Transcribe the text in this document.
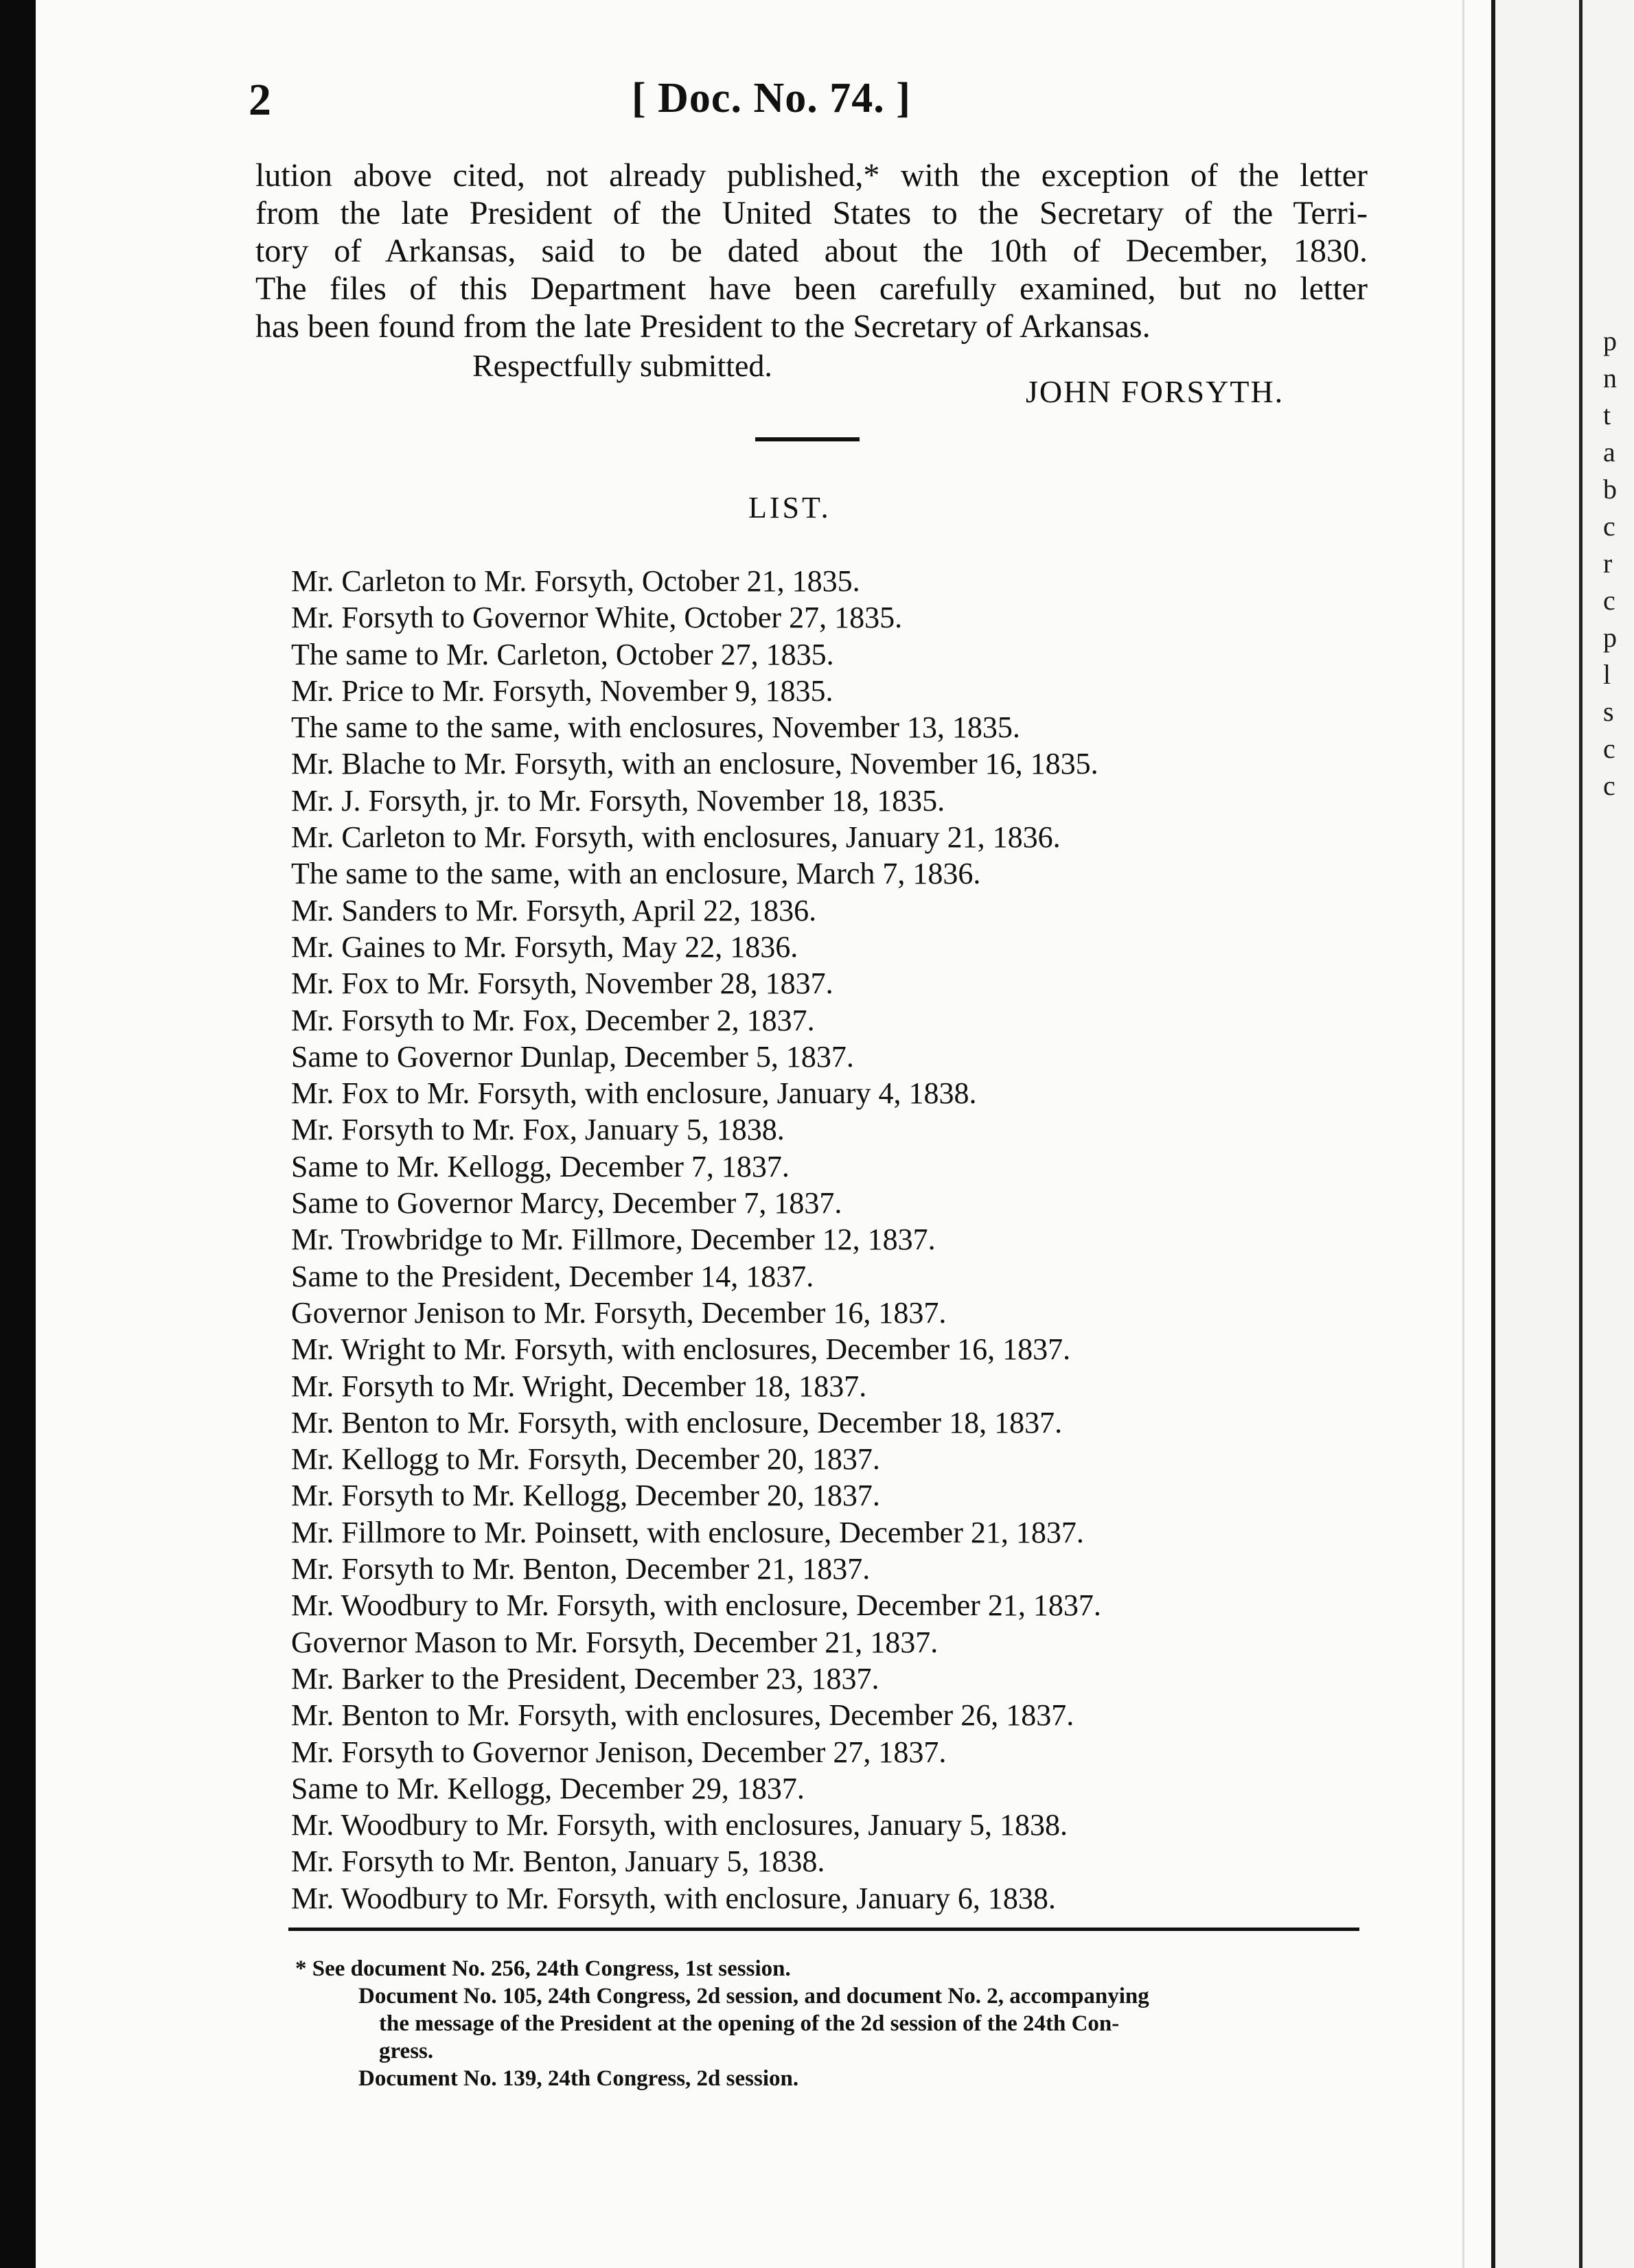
p
n
t
a
b
c
r
c
p
l
s
c
c
2	[ Doc. No. 74. ]
lution above cited, not already published,* with the exception of the letter
from the late President of the United States to the Secretary of the Terri-
tory of Arkansas, said to be dated about the 10th of December, 1830.
The files of this Department have been carefully examined, but no letter
has been found from the late President to the Secretary of Arkansas.
Respectfully submitted.
JOHN FORSYTH.
LIST.
Mr. Carleton to Mr. Forsyth, October 21, 1835.
Mr. Forsyth to Governor White, October 27, 1835.
The same to Mr. Carleton, October 27, 1835.
Mr. Price to Mr. Forsyth, November 9, 1835.
The same to the same, with enclosures, November 13, 1835.
Mr. Blache to Mr. Forsyth, with an enclosure, November 16, 1835.
Mr. J. Forsyth, jr. to Mr. Forsyth, November 18, 1835.
Mr. Carleton to Mr. Forsyth, with enclosures, January 21, 1836.
The same to the same, with an enclosure, March 7, 1836.
Mr. Sanders to Mr. Forsyth, April 22, 1836.
Mr. Gaines to Mr. Forsyth, May 22, 1836.
Mr. Fox to Mr. Forsyth, November 28, 1837.
Mr. Forsyth to Mr. Fox, December 2, 1837.
Same to Governor Dunlap, December 5, 1837.
Mr. Fox to Mr. Forsyth, with enclosure, January 4, 1838.
Mr. Forsyth to Mr. Fox, January 5, 1838.
Same to Mr. Kellogg, December 7, 1837.
Same to Governor Marcy, December 7, 1837.
Mr. Trowbridge to Mr. Fillmore, December 12, 1837.
Same to the President, December 14, 1837.
Governor Jenison to Mr. Forsyth, December 16, 1837.
Mr. Wright to Mr. Forsyth, with enclosures, December 16, 1837.
Mr. Forsyth to Mr. Wright, December 18, 1837.
Mr. Benton to Mr. Forsyth, with enclosure, December 18, 1837.
Mr. Kellogg to Mr. Forsyth, December 20, 1837.
Mr. Forsyth to Mr. Kellogg, December 20, 1837.
Mr. Fillmore to Mr. Poinsett, with enclosure, December 21, 1837.
Mr. Forsyth to Mr. Benton, December 21, 1837.
Mr. Woodbury to Mr. Forsyth, with enclosure, December 21, 1837.
Governor Mason to Mr. Forsyth, December 21, 1837.
Mr. Barker to the President, December 23, 1837.
Mr. Benton to Mr. Forsyth, with enclosures, December 26, 1837.
Mr. Forsyth to Governor Jenison, December 27, 1837.
Same to Mr. Kellogg, December 29, 1837.
Mr. Woodbury to Mr. Forsyth, with enclosures, January 5, 1838.
Mr. Forsyth to Mr. Benton, January 5, 1838.
Mr. Woodbury to Mr. Forsyth, with enclosure, January 6, 1838.
* See document No. 256, 24th Congress, 1st session.
Document No. 105, 24th Congress, 2d session, and document No. 2, accompanying
the message of the President at the opening of the 2d session of the 24th Con-
gress.
Document No. 139, 24th Congress, 2d session.
